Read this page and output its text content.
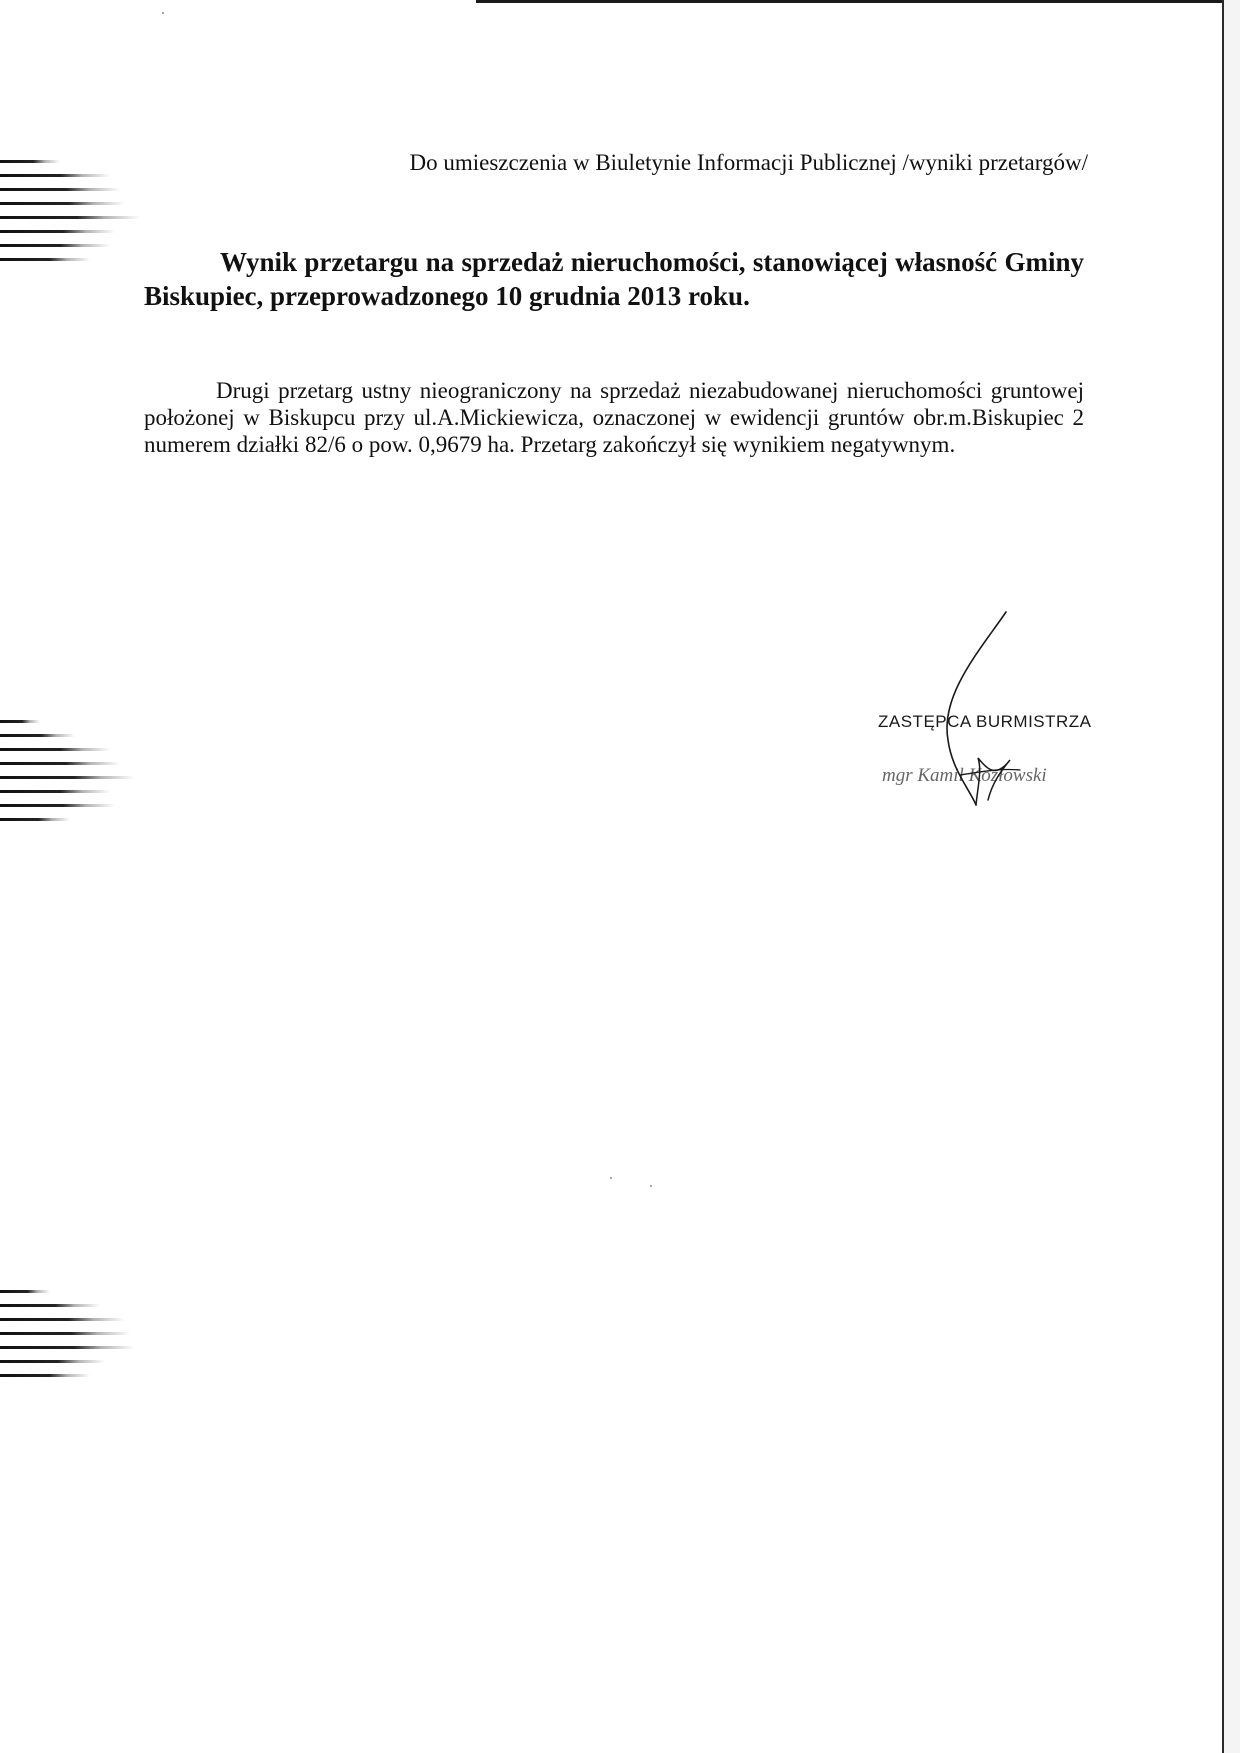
Do umieszczenia w Biuletynie Informacji Publicznej /wyniki przetargów/
Wynik przetargu na sprzedaż nieruchomości, stanowiącej własność Gminy Biskupiec, przeprowadzonego 10 grudnia 2013 roku.
Drugi przetarg ustny nieograniczony na sprzedaż niezabudowanej nieruchomości gruntowej położonej w Biskupcu przy ul.A.Mickiewicza, oznaczonej w ewidencji gruntów obr.m.Biskupiec 2 numerem działki 82/6 o pow. 0,9679 ha. Przetarg zakończył się wynikiem negatywnym.
ZASTĘPCA BURMISTRZA
mgr Kamil Kozłowski
